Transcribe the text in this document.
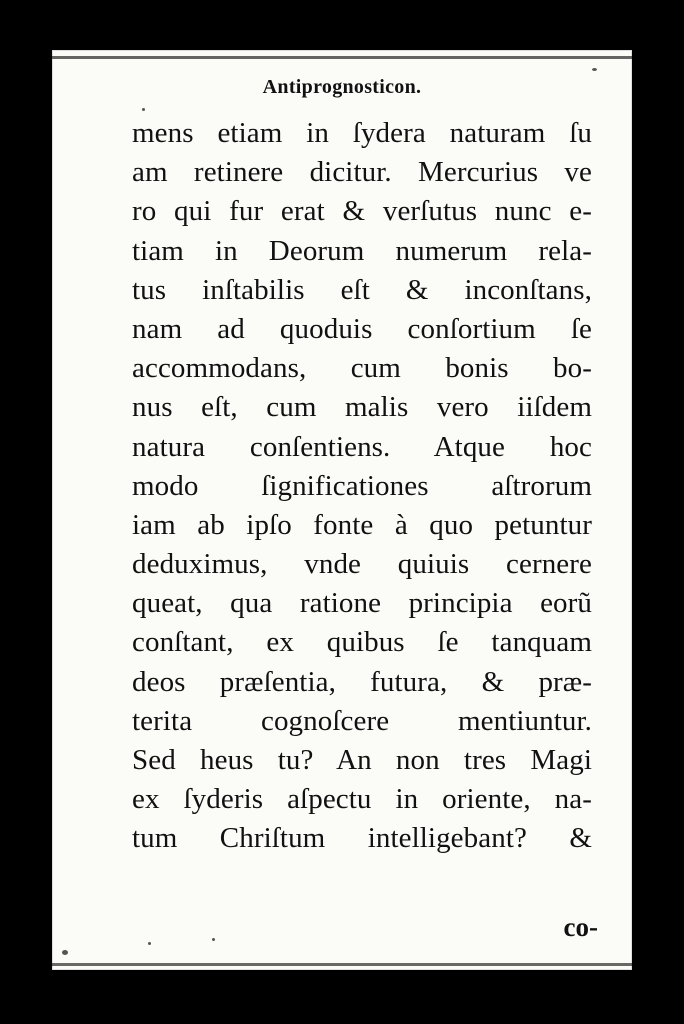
Antiprognosticon.
mens etiam in ſydera naturam ſu
am retinere dicitur. Mercurius ve
ro qui fur erat & verſutus nunc e-
tiam in Deorum numerum rela-
tus inſtabilis eſt & inconſtans,
nam ad quoduis conſortium ſe
accommodans, cum bonis bo-
nus eſt, cum malis vero iiſdem
natura conſentiens. Atque hoc
modo ſignificationes aſtrorum
iam ab ipſo fonte à quo petuntur
deduximus, vnde quiuis cernere
queat, qua ratione principia eorũ
conſtant, ex quibus ſe tanquam
deos præſentia, futura, & præ-
terita cognoſcere mentiuntur.
Sed heus tu? An non tres Magi
ex ſyderis aſpectu in oriente, na-
tum Chriſtum intelligebant? &
co-
